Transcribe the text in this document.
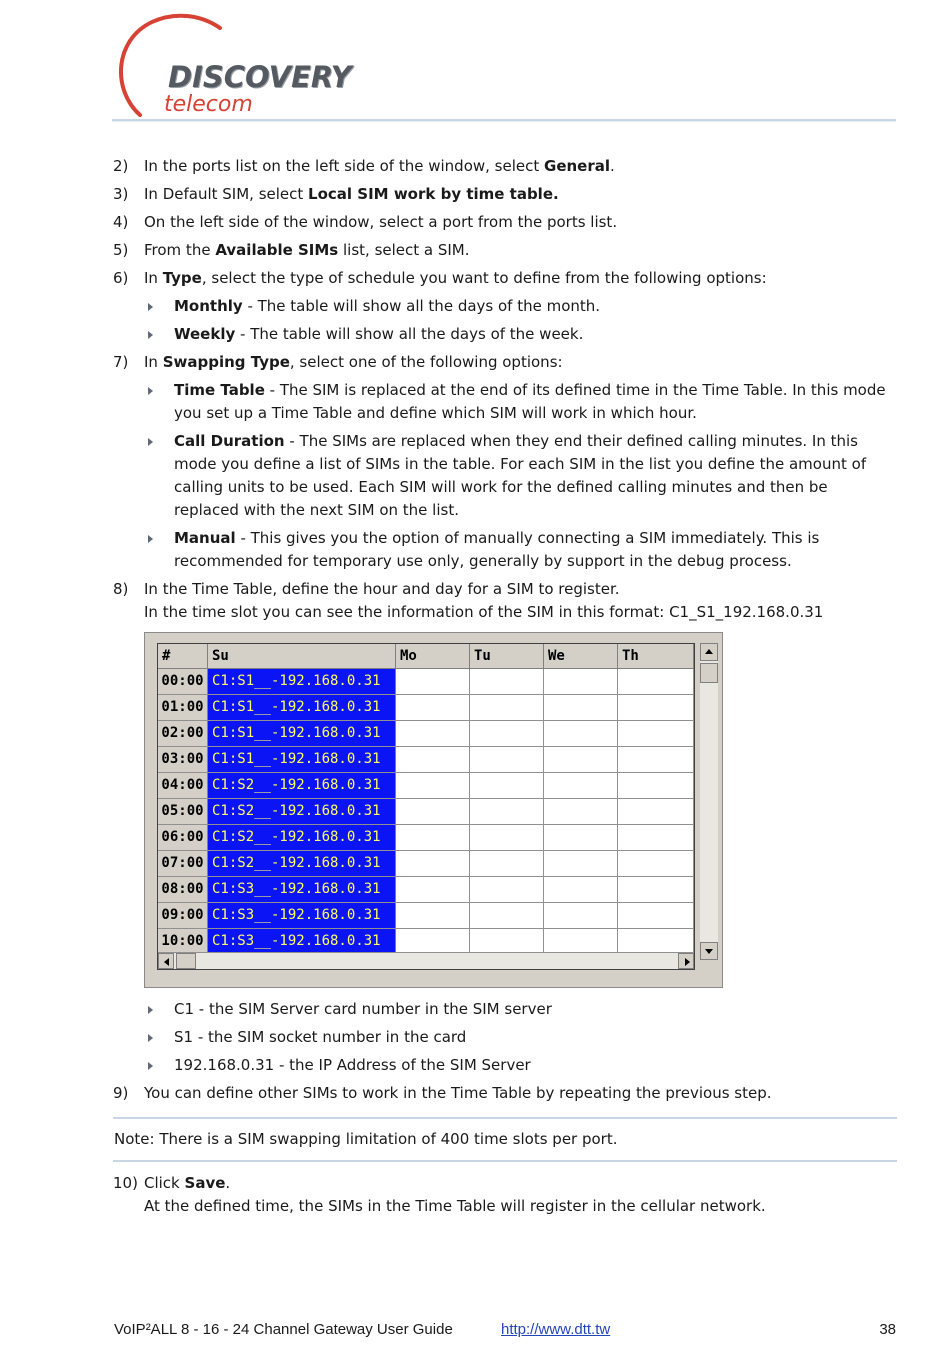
DISCOVERY
telecom
2) In the ports list on the left side of the window, select General.
3) In Default SIM, select Local SIM work by time table.
4) On the left side of the window, select a port from the ports list.
5) From the Available SIMs list, select a SIM.
6) In Type, select the type of schedule you want to define from the following options:
Monthly - The table will show all the days of the month.
Weekly - The table will show all the days of the week.
7) In Swapping Type, select one of the following options:
Time Table - The SIM is replaced at the end of its defined time in the Time Table. In this mode you set up a Time Table and define which SIM will work in which hour.
Call Duration - The SIMs are replaced when they end their defined calling minutes. In this mode you define a list of SIMs in the table. For each SIM in the list you define the amount of calling units to be used. Each SIM will work for the defined calling minutes and then be replaced with the next SIM on the list.
Manual - This gives you the option of manually connecting a SIM immediately. This is recommended for temporary use only, generally by support in the debug process.
8) In the Time Table, define the hour and day for a SIM to register.
In the time slot you can see the information of the SIM in this format: C1_S1_192.168.0.31
#	Su	Mo	Tu	We	Th
00:00 C1:S1__-192.168.0.31
01:00 C1:S1__-192.168.0.31
02:00 C1:S1__-192.168.0.31
03:00 C1:S1__-192.168.0.31
04:00 C1:S2__-192.168.0.31
05:00 C1:S2__-192.168.0.31
06:00 C1:S2__-192.168.0.31
07:00 C1:S2__-192.168.0.31
08:00 C1:S3__-192.168.0.31
09:00 C1:S3__-192.168.0.31
10:00 C1:S3__-192.168.0.31
C1 - the SIM Server card number in the SIM server
S1 - the SIM socket number in the card
192.168.0.31 - the IP Address of the SIM Server
9) You can define other SIMs to work in the Time Table by repeating the previous step.
Note: There is a SIM swapping limitation of 400 time slots per port.
10) Click Save.
At the defined time, the SIMs in the Time Table will register in the cellular network.
VoIP²ALL 8 - 16 - 24 Channel Gateway User Guide	http://www.dtt.tw	38
